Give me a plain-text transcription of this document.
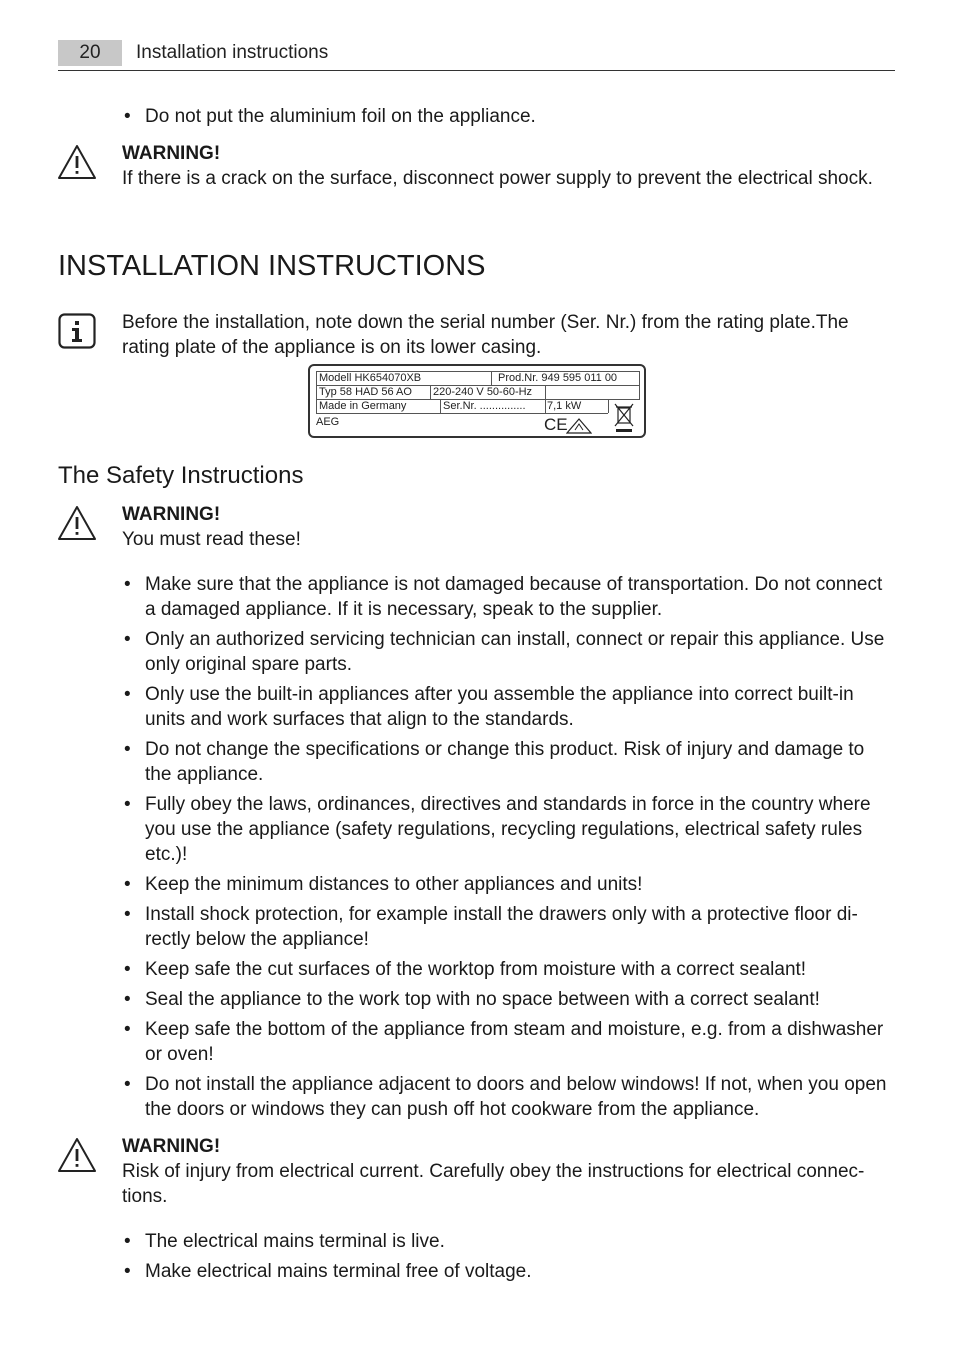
20	Installation instructions
• Do not put the aluminium foil on the appliance.
WARNING!
If there is a crack on the surface, disconnect power supply to prevent the electrical shock.
INSTALLATION INSTRUCTIONS
Before the installation, note down the serial number (Ser. Nr.) from the rating plate.The rating plate of the appliance is on its lower casing.
Modell HK654070XB	Prod.Nr. 949 595 011 00
Typ 58 HAD 56 AO 220-240 V 50-60-Hz
Made in Germany	Ser.Nr. ............... 7,1 kW
AEG	CE
The Safety Instructions
WARNING!
You must read these!
• Make sure that the appliance is not damaged because of transportation. Do not connect a damaged appliance. If it is necessary, speak to the supplier.
• Only an authorized servicing technician can install, connect or repair this appliance. Use only original spare parts.
• Only use the built-in appliances after you assemble the appliance into correct built-in units and work surfaces that align to the standards.
• Do not change the specifications or change this product. Risk of injury and damage to the appliance.
• Fully obey the laws, ordinances, directives and standards in force in the country where you use the appliance (safety regulations, recycling regulations, electrical safety rules etc.)!
• Keep the minimum distances to other appliances and units!
• Install shock protection, for example install the drawers only with a protective floor di-rectly below the appliance!
• Keep safe the cut surfaces of the worktop from moisture with a correct sealant!
• Seal the appliance to the work top with no space between with a correct sealant!
• Keep safe the bottom of the appliance from steam and moisture, e.g. from a dishwasher or oven!
• Do not install the appliance adjacent to doors and below windows! If not, when you open the doors or windows they can push off hot cookware from the appliance.
WARNING!
Risk of injury from electrical current. Carefully obey the instructions for electrical connec-tions.
• The electrical mains terminal is live.
• Make electrical mains terminal free of voltage.
